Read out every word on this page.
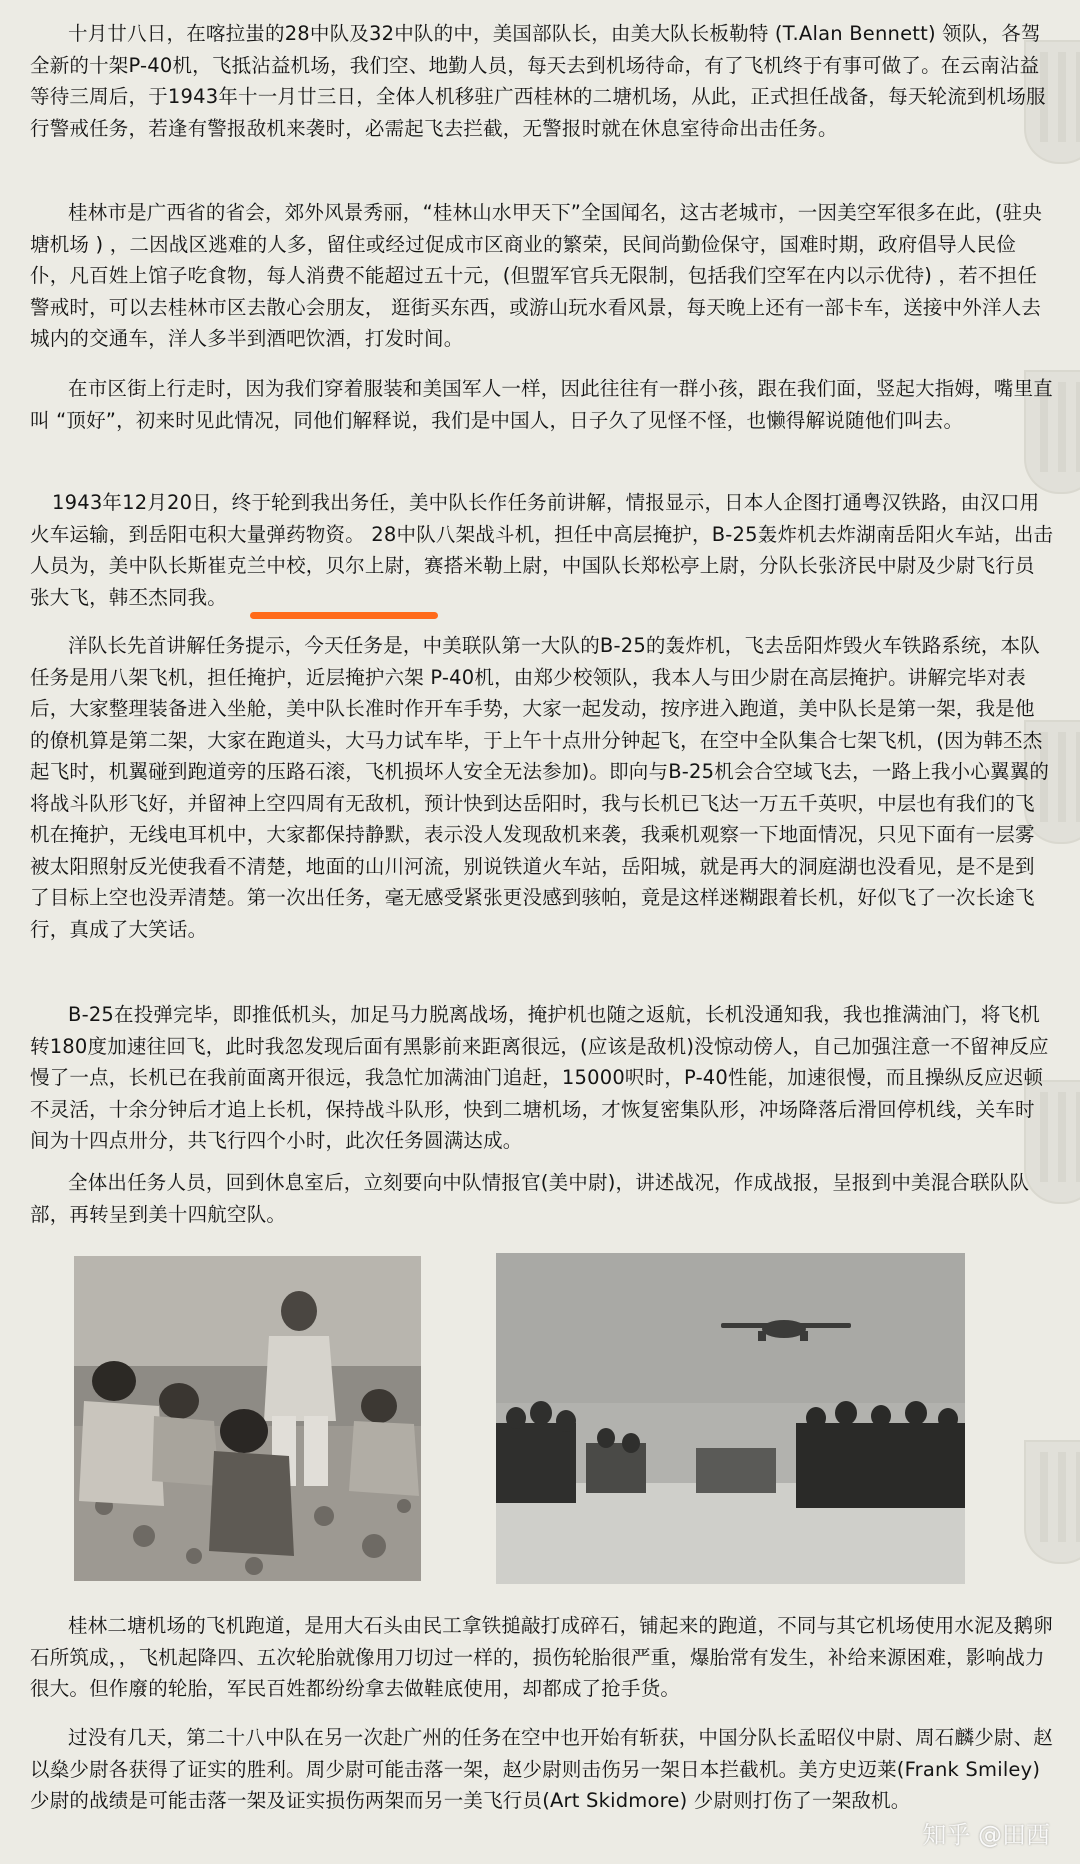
十月廿八日，在喀拉蚩的28中队及32中队的中，美国部队长，由美大队长板勒特 (T.Alan Bennett) 领队，各驾全新的十架P-40机，飞抵沾益机场，我们空、地勤人员，每天去到机场待命，有了飞机终于有事可做了。在云南沾益等待三周后，于1943年十一月廿三日，全体人机移驻广西桂林的二塘机场，从此，正式担任战备，每天轮流到机场服行警戒任务，若逢有警报敌机来袭时，必需起飞去拦截，无警报时就在休息室待命出击任务。

桂林市是广西省的省会，郊外风景秀丽，“桂林山水甲天下”全国闻名，这古老城市，一因美空军很多在此，(驻央塘机场 ) ，二因战区逃难的人多，留住或经过促成市区商业的繁荣，民间尚勤俭保守，国难时期，政府倡导人民俭仆，凡百姓上馆子吃食物，每人消费不能超过五十元，(但盟军官兵无限制，包括我们空军在内以示优待) ，若不担任警戒时，可以去桂林市区去散心会朋友， 逛街买东西，或游山玩水看风景，每天晚上还有一部卡车，送接中外洋人去城内的交通车，洋人多半到酒吧饮酒，打发时间。

在市区街上行走时，因为我们穿着服装和美国军人一样，因此往往有一群小孩，跟在我们面，竖起大指姆，嘴里直叫 “顶好”，初来时见此情况，同他们解释说，我们是中国人，日子久了见怪不怪，也懒得解说随他们叫去。

1943年12月20日，终于轮到我出务任，美中队长作任务前讲解，情报显示，日本人企图打通粤汉铁路，由汉口用火车运输，到岳阳屯积大量弹药物资。 28中队八架战斗机，担任中高层掩护，B-25轰炸机去炸湖南岳阳火车站，出击人员为，美中队长斯崔克兰中校，贝尔上尉，赛搭米勒上尉，中国队长郑松亭上尉，分队长张济民中尉及少尉飞行员张大飞，韩丕杰同我。

洋队长先首讲解任务提示，今天任务是，中美联队第一大队的B-25的轰炸机，飞去岳阳炸毁火车铁路系统，本队任务是用八架飞机，担任掩护，近层掩护六架 P-40机，由郑少校领队，我本人与田少尉在高层掩护。讲解完毕对表后，大家整理装备进入坐舱，美中队长准时作开车手势，大家一起发动，按序进入跑道，美中队长是第一架，我是他的僚机算是第二架，大家在跑道头，大马力试车毕，于上午十点卅分钟起飞，在空中全队集合七架飞机，(因为韩丕杰起飞时，机翼碰到跑道旁的压路石滚，飞机损坏人安全无法参加)。即向与B-25机会合空域飞去，一路上我小心翼翼的将战斗队形飞好，并留神上空四周有无敌机，预计快到达岳阳时，我与长机已飞达一万五千英呎，中层也有我们的飞机在掩护，无线电耳机中，大家都保持静默，表示没人发现敌机来袭，我乘机观察一下地面情况，只见下面有一层雾被太阳照射反光使我看不清楚，地面的山川河流，别说铁道火车站，岳阳城，就是再大的洞庭湖也没看见，是不是到了目标上空也没弄清楚。第一次出任务，毫无感受紧张更没感到骇帕，竟是这样迷糊跟着长机，好似飞了一次长途飞行，真成了大笑话。

B-25在投弹完毕，即推低机头，加足马力脱离战场，掩护机也随之返航，长机没通知我，我也推满油门，将飞机转180度加速往回飞，此时我忽发现后面有黑影前来距离很远，(应该是敌机)没惊动傍人，自己加强注意一不留神反应慢了一点，长机已在我前面离开很远，我急忙加满油门追赶，15000呎时，P-40性能，加速很慢，而且操纵反应迟顿不灵活，十余分钟后才追上长机，保持战斗队形，快到二塘机场，才恢复密集队形，冲场降落后滑回停机线，关车时间为十四点卅分，共飞行四个小时，此次任务圆满达成。

全体出任务人员，回到休息室后，立刻要向中队情报官(美中尉)，讲述战况，作成战报，呈报到中美混合联队队部，再转呈到美十四航空队。

桂林二塘机场的飞机跑道，是用大石头由民工拿铁搥敲打成碎石，铺起来的跑道，不同与其它机场使用水泥及鹅卵石所筑成，，飞机起降四、五次轮胎就像用刀切过一样的，损伤轮胎很严重，爆胎常有发生，补给来源困难，影响战力很大。但作廢的轮胎，军民百姓都纷纷拿去做鞋底使用，却都成了抢手货。

过没有几天，第二十八中队在另一次赴广州的任务在空中也开始有斩获，中国分队长孟昭仪中尉、周石麟少尉、赵以燊少尉各获得了证实的胜利。周少尉可能击落一架，赵少尉则击伤另一架日本拦截机。美方史迈莱(Frank Smiley) 少尉的战绩是可能击落一架及证实损伤两架而另一美飞行员(Art Skidmore) 少尉则打伤了一架敌机。

知乎 @田西
